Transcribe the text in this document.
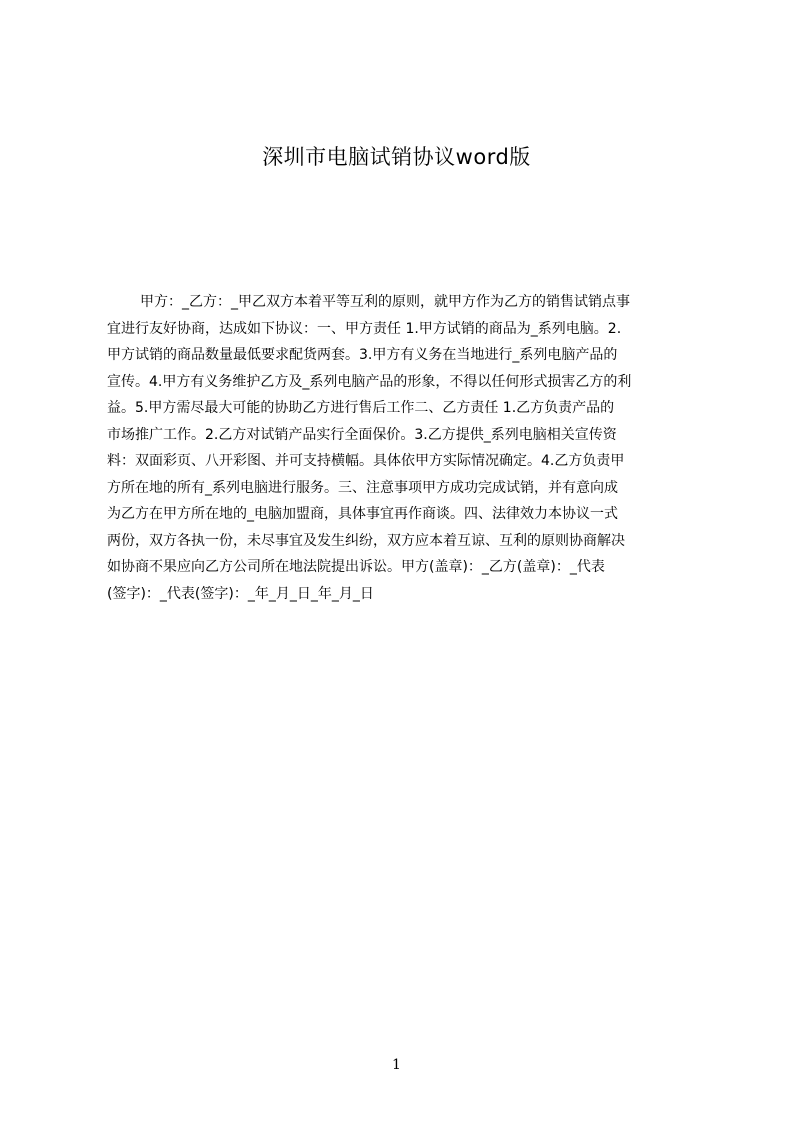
深圳市电脑试销协议word版
甲方：_乙方：_甲乙双方本着平等互利的原则，就甲方作为乙方的销售试销点事
宜进行友好协商，达成如下协议：一、甲方责任 1.甲方试销的商品为_系列电脑。2.
甲方试销的商品数量最低要求配货两套。3.甲方有义务在当地进行_系列电脑产品的
宣传。4.甲方有义务维护乙方及_系列电脑产品的形象，不得以任何形式损害乙方的利
益。5.甲方需尽最大可能的协助乙方进行售后工作二、乙方责任 1.乙方负责产品的
市场推广工作。2.乙方对试销产品实行全面保价。3.乙方提供_系列电脑相关宣传资
料：双面彩页、八开彩图、并可支持横幅。具体依甲方实际情况确定。4.乙方负责甲
方所在地的所有_系列电脑进行服务。三、注意事项甲方成功完成试销，并有意向成
为乙方在甲方所在地的_电脑加盟商，具体事宜再作商谈。四、法律效力本协议一式
两份，双方各执一份，未尽事宜及发生纠纷，双方应本着互谅、互利的原则协商解决
如协商不果应向乙方公司所在地法院提出诉讼。甲方(盖章)：_乙方(盖章)：_代表
(签字)：_代表(签字)：_年_月_日_年_月_日
1
